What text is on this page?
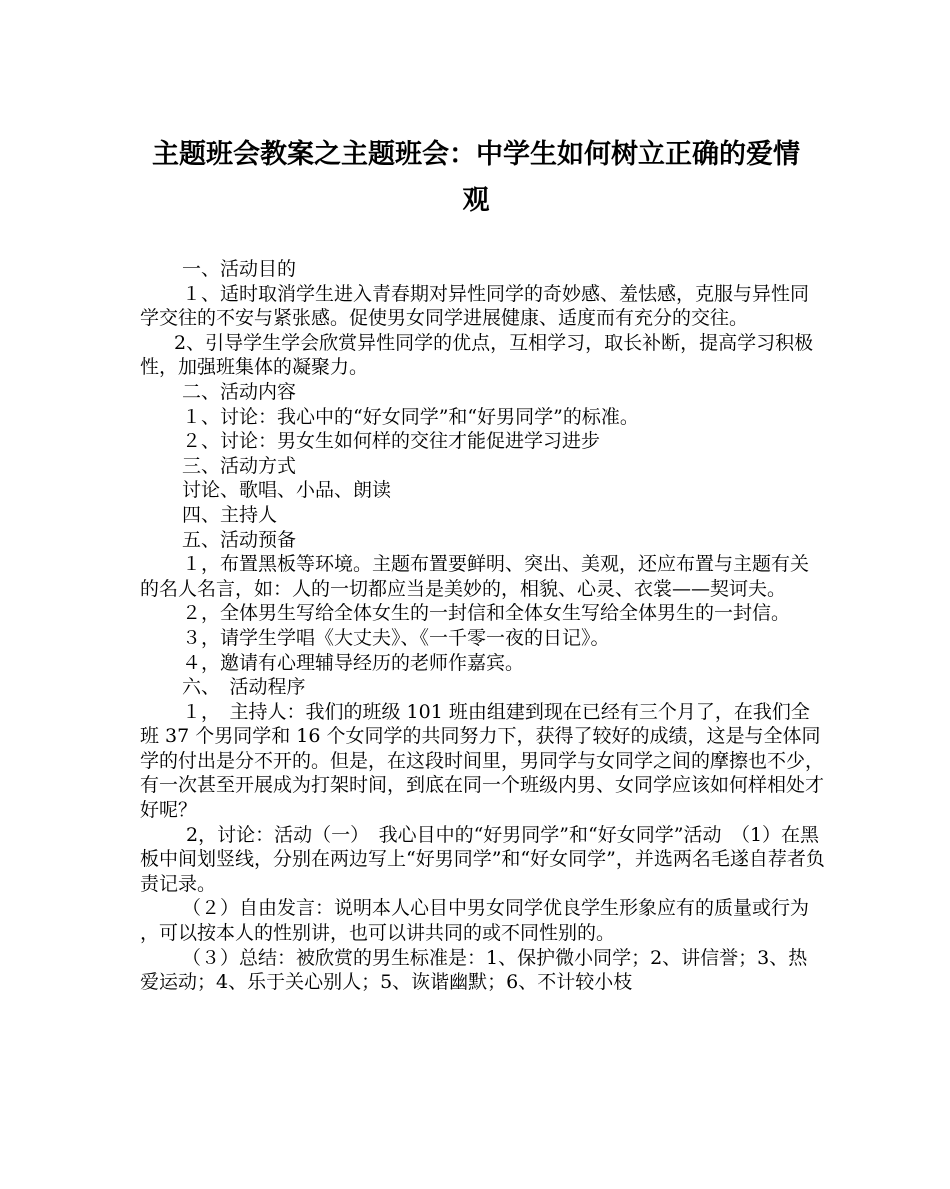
主题班会教案之主题班会：中学生如何树立正确的爱情观

一、活动目的

１、适时取消学生进入青春期对异性同学的奇妙感、羞怯感，克服与异性同学交往的不安与紧张感。促使男女同学进展健康、适度而有充分的交往。

2、引导学生学会欣赏异性同学的优点，互相学习，取长补断，提高学习积极性，加强班集体的凝聚力。

二、活动内容

１、讨论：我心中的“好女同学”和“好男同学”的标准。

２、讨论：男女生如何样的交往才能促进学习进步

三、活动方式

讨论、歌唱、小品、朗读

四、主持人

五、活动预备

１，布置黑板等环境。主题布置要鲜明、突出、美观，还应布置与主题有关的名人名言，如：人的一切都应当是美妙的，相貌、心灵、衣裳——契诃夫。

２，全体男生写给全体女生的一封信和全体女生写给全体男生的一封信。

３，请学生学唱《大丈夫》、《一千零一夜的日记》。

４，邀请有心理辅导经历的老师作嘉宾。

六、　活动程序

１，　主持人：我们的班级 101 班由组建到现在已经有三个月了，在我们全班 37 个男同学和 16 个女同学的共同努力下，获得了较好的成绩，这是与全体同学的付出是分不开的。但是，在这段时间里，男同学与女同学之间的摩擦也不少，有一次甚至开展成为打架时间，到底在同一个班级内男、女同学应该如何样相处才好呢？

2，讨论：活动（一）　我心目中的“好男同学”和“好女同学”活动　（1）在黑板中间划竖线，分别在两边写上“好男同学”和“好女同学”，并选两名毛遂自荐者负责记录。

（２）自由发言：说明本人心目中男女同学优良学生形象应有的质量或行为，可以按本人的性别讲，也可以讲共同的或不同性别的。

（３）总结：被欣赏的男生标准是：1、保护微小同学；2、讲信誉；3、热爱运动；4、乐于关心别人；5、诙谐幽默；6、不计较小枝
